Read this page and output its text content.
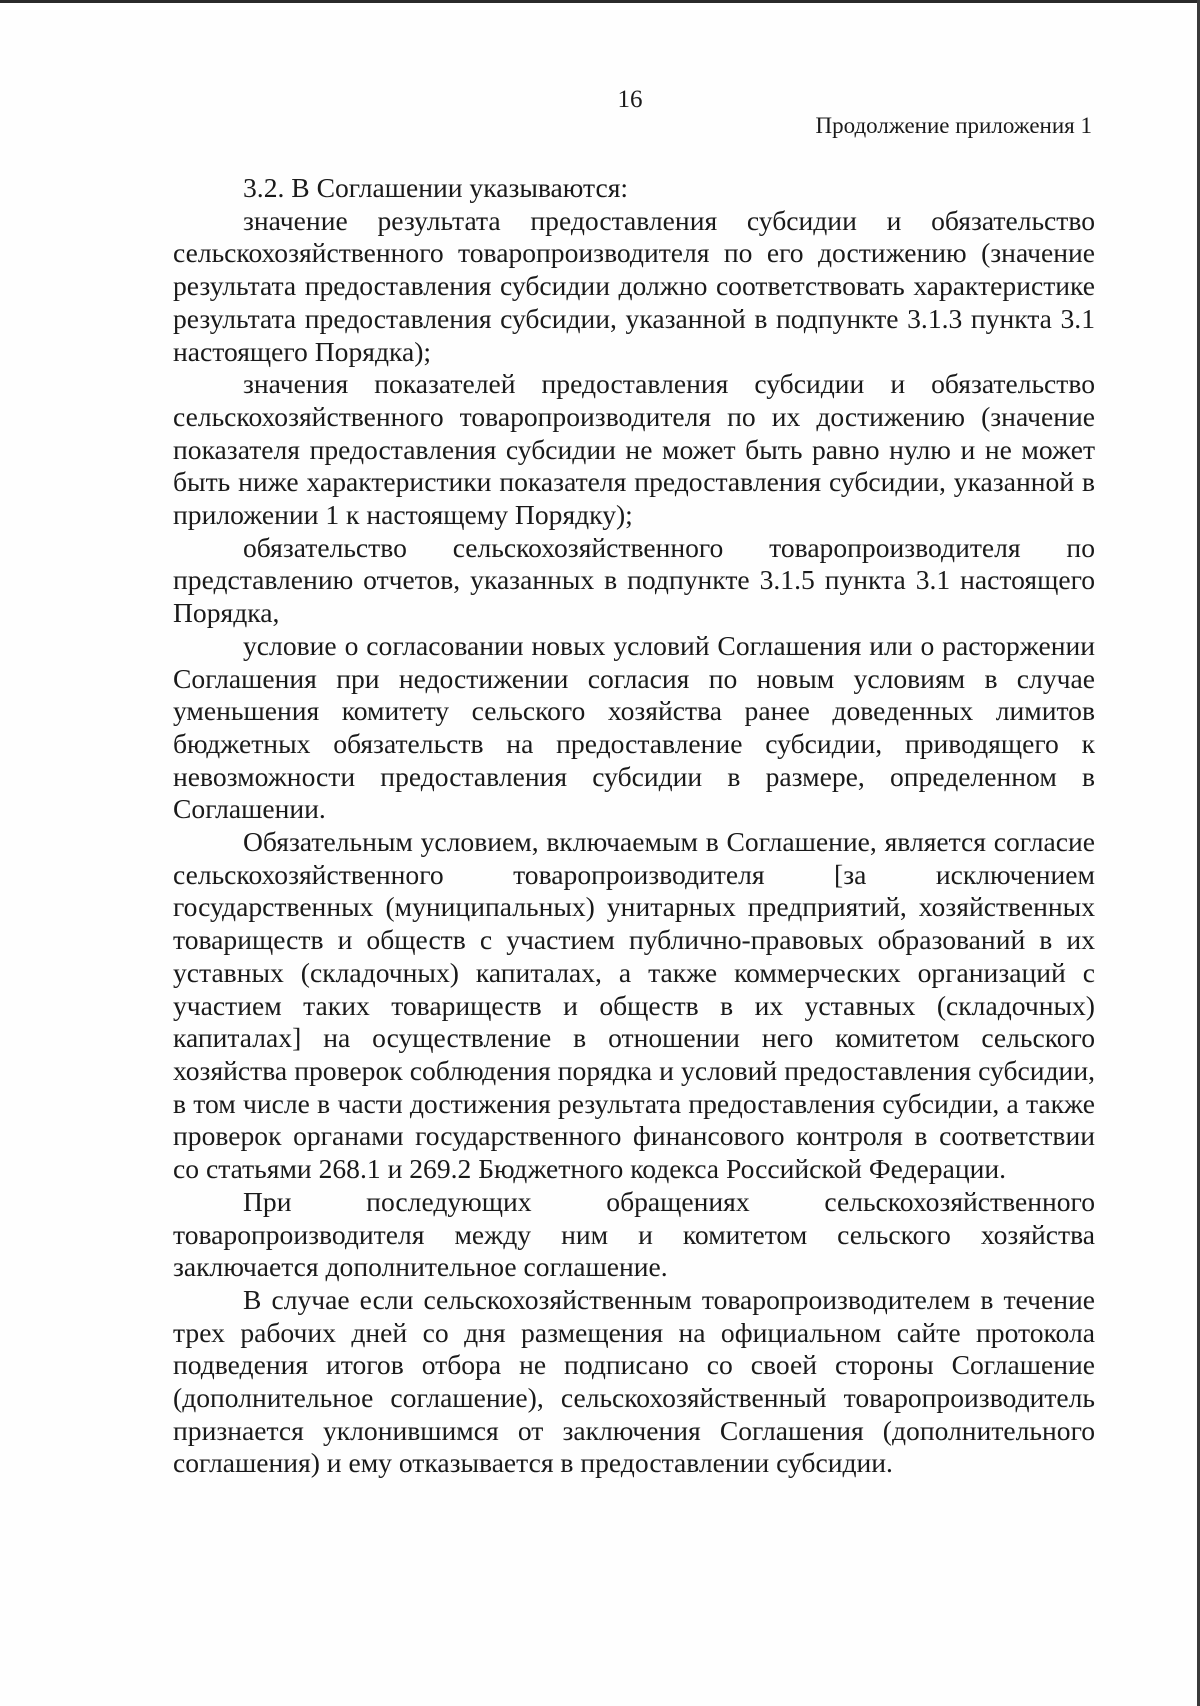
16
Продолжение приложения 1

3.2. В Соглашении указываются:

значение результата предоставления субсидии и обязательство сельскохозяйственного товаропроизводителя по его достижению (значение результата предоставления субсидии должно соответствовать характеристике результата предоставления субсидии, указанной в подпункте 3.1.3 пункта 3.1 настоящего Порядка);

значения показателей предоставления субсидии и обязательство сельскохозяйственного товаропроизводителя по их достижению (значение показателя предоставления субсидии не может быть равно нулю и не может быть ниже характеристики показателя предоставления субсидии, указанной в приложении 1 к настоящему Порядку);

обязательство сельскохозяйственного товаропроизводителя по представлению отчетов, указанных в подпункте 3.1.5 пункта 3.1 настоящего Порядка,

условие о согласовании новых условий Соглашения или о расторжении Соглашения при недостижении согласия по новым условиям в случае уменьшения комитету сельского хозяйства ранее доведенных лимитов бюджетных обязательств на предоставление субсидии, приводящего к невозможности предоставления субсидии в размере, определенном в Соглашении.

Обязательным условием, включаемым в Соглашение, является согласие сельскохозяйственного товаропроизводителя [за исключением государственных (муниципальных) унитарных предприятий, хозяйственных товариществ и обществ с участием публично-правовых образований в их уставных (складочных) капиталах, а также коммерческих организаций с участием таких товариществ и обществ в их уставных (складочных) капиталах] на осуществление в отношении него комитетом сельского хозяйства проверок соблюдения порядка и условий предоставления субсидии, в том числе в части достижения результата предоставления субсидии, а также проверок органами государственного финансового контроля в соответствии со статьями 268.1 и 269.2 Бюджетного кодекса Российской Федерации.

При последующих обращениях сельскохозяйственного товаропроизводителя между ним и комитетом сельского хозяйства заключается дополнительное соглашение.

В случае если сельскохозяйственным товаропроизводителем в течение трех рабочих дней со дня размещения на официальном сайте протокола подведения итогов отбора не подписано со своей стороны Соглашение (дополнительное соглашение), сельскохозяйственный товаропроизводитель признается уклонившимся от заключения Соглашения (дополнительного соглашения) и ему отказывается в предоставлении субсидии.
